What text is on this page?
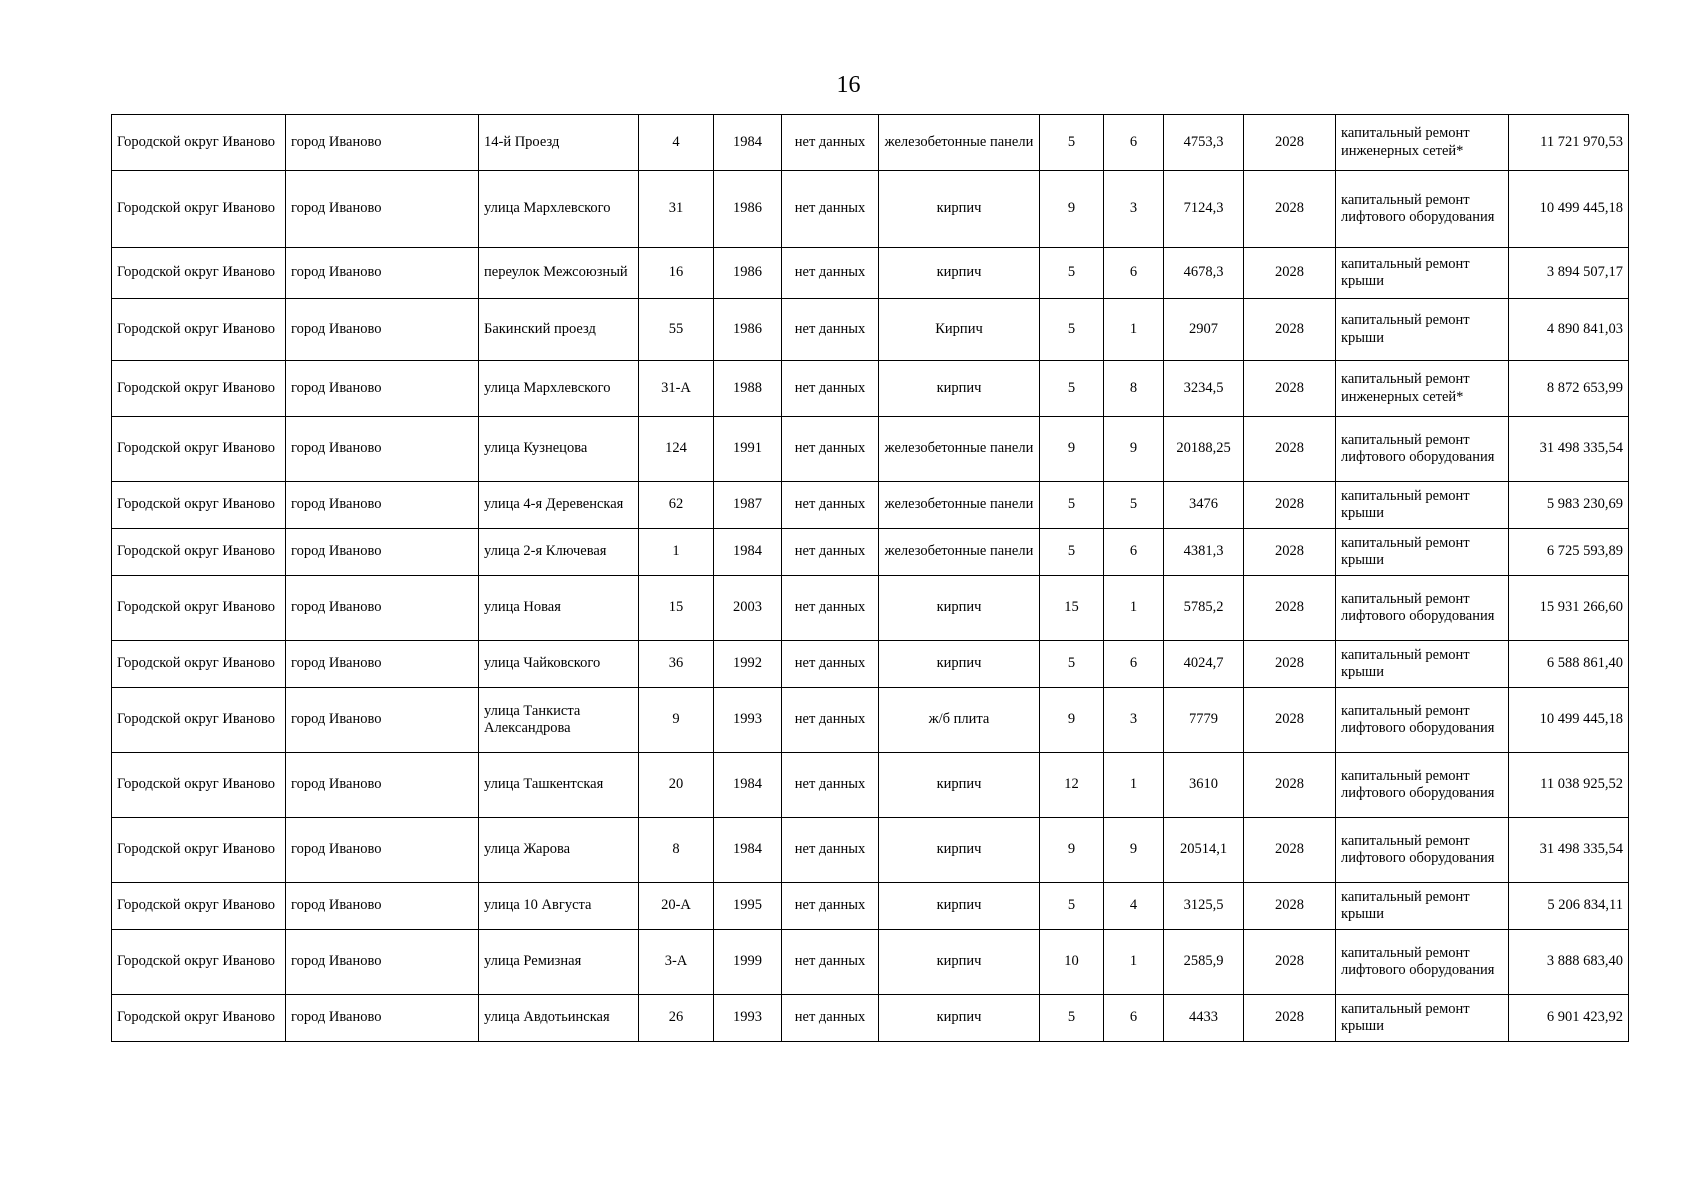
16
Городской округ Иваново	город Иваново	14-й Проезд	4	1984	нет данных	железобетонные панели	5	6	4753,3	2028	капитальный ремонт инженерных сетей*	11 721 970,53
Городской округ Иваново	город Иваново	улица Мархлевского	31	1986	нет данных	кирпич	9	3	7124,3	2028	капитальный ремонт лифтового оборудования	10 499 445,18
Городской округ Иваново	город Иваново	переулок Межсоюзный	16	1986	нет данных	кирпич	5	6	4678,3	2028	капитальный ремонт крыши	3 894 507,17
Городской округ Иваново	город Иваново	Бакинский проезд	55	1986	нет данных	Кирпич	5	1	2907	2028	капитальный ремонт крыши	4 890 841,03
Городской округ Иваново	город Иваново	улица Мархлевского	31-А	1988	нет данных	кирпич	5	8	3234,5	2028	капитальный ремонт инженерных сетей*	8 872 653,99
Городской округ Иваново	город Иваново	улица Кузнецова	124	1991	нет данных	железобетонные панели	9	9	20188,25	2028	капитальный ремонт лифтового оборудования	31 498 335,54
Городской округ Иваново	город Иваново	улица 4-я Деревенская	62	1987	нет данных	железобетонные панели	5	5	3476	2028	капитальный ремонт крыши	5 983 230,69
Городской округ Иваново	город Иваново	улица 2-я Ключевая	1	1984	нет данных	железобетонные панели	5	6	4381,3	2028	капитальный ремонт крыши	6 725 593,89
Городской округ Иваново	город Иваново	улица Новая	15	2003	нет данных	кирпич	15	1	5785,2	2028	капитальный ремонт лифтового оборудования	15 931 266,60
Городской округ Иваново	город Иваново	улица Чайковского	36	1992	нет данных	кирпич	5	6	4024,7	2028	капитальный ремонт крыши	6 588 861,40
Городской округ Иваново	город Иваново	улица Танкиста Александрова	9	1993	нет данных	ж/б плита	9	3	7779	2028	капитальный ремонт лифтового оборудования	10 499 445,18
Городской округ Иваново	город Иваново	улица Ташкентская	20	1984	нет данных	кирпич	12	1	3610	2028	капитальный ремонт лифтового оборудования	11 038 925,52
Городской округ Иваново	город Иваново	улица Жарова	8	1984	нет данных	кирпич	9	9	20514,1	2028	капитальный ремонт лифтового оборудования	31 498 335,54
Городской округ Иваново	город Иваново	улица 10 Августа	20-А	1995	нет данных	кирпич	5	4	3125,5	2028	капитальный ремонт крыши	5 206 834,11
Городской округ Иваново	город Иваново	улица Ремизная	3-А	1999	нет данных	кирпич	10	1	2585,9	2028	капитальный ремонт лифтового оборудования	3 888 683,40
Городской округ Иваново	город Иваново	улица Авдотьинская	26	1993	нет данных	кирпич	5	6	4433	2028	капитальный ремонт крыши	6 901 423,92
